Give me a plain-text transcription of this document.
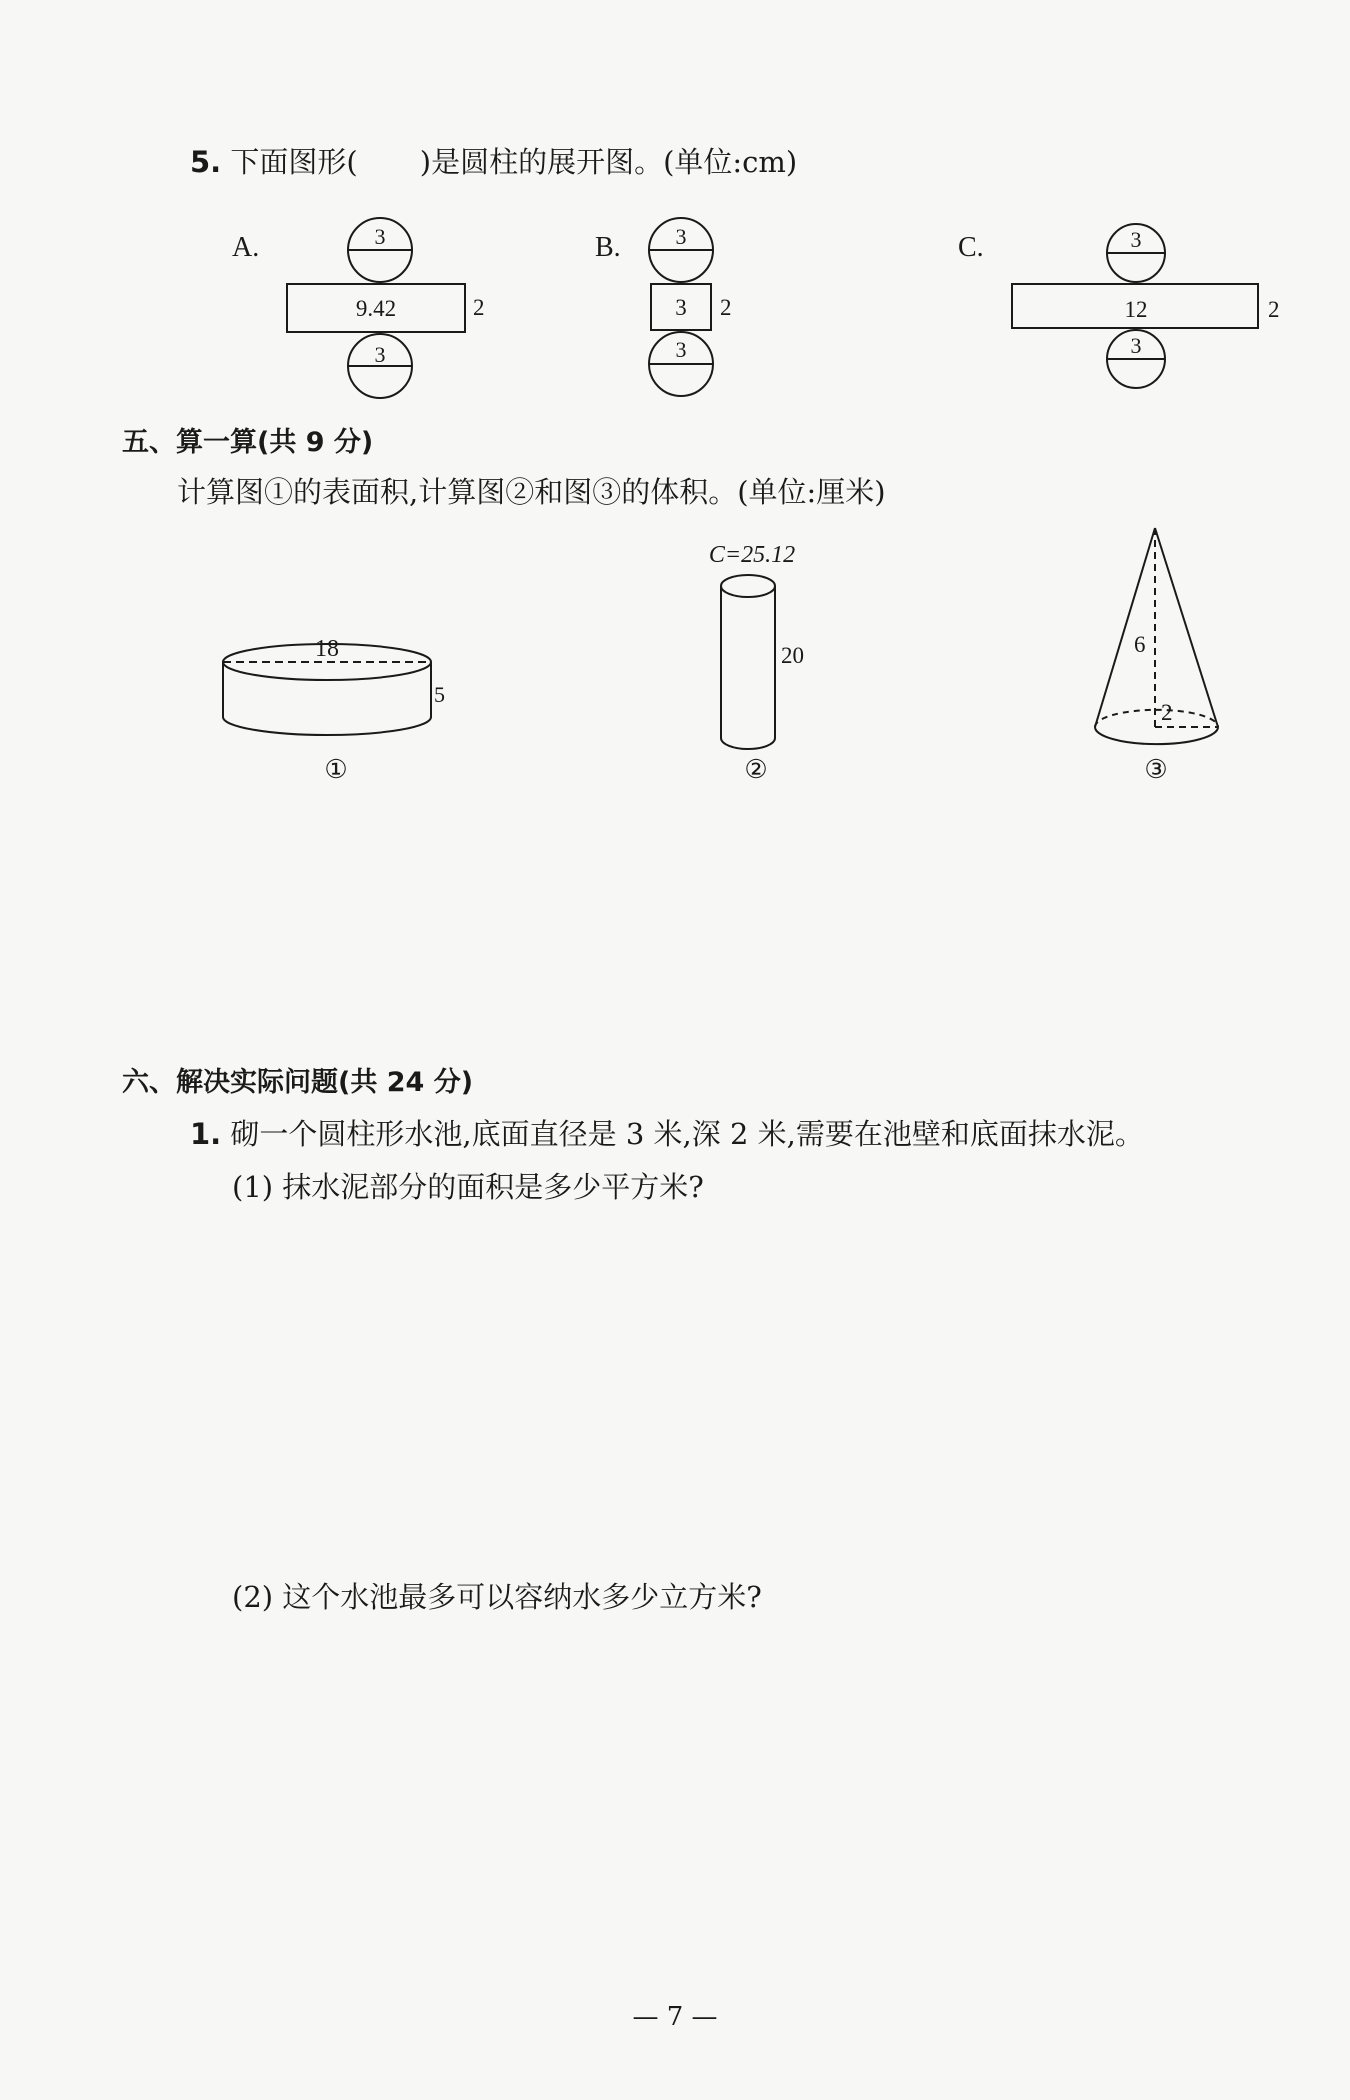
5. 下面图形( )是圆柱的展开图。(单位:cm)
A.	3
9.42	2
3
B. 3
3 2
3
C.	3
12	2
3
五、算一算(共 9 分)
计算图①的表面积,计算图②和图③的体积。(单位:厘米)
18
5
①
C=25.12
20
②
6
2
③
六、解决实际问题(共 24 分)
1. 砌一个圆柱形水池,底面直径是 3 米,深 2 米,需要在池壁和底面抹水泥。
(1) 抹水泥部分的面积是多少平方米?
(2) 这个水池最多可以容纳水多少立方米?
— 7 —
